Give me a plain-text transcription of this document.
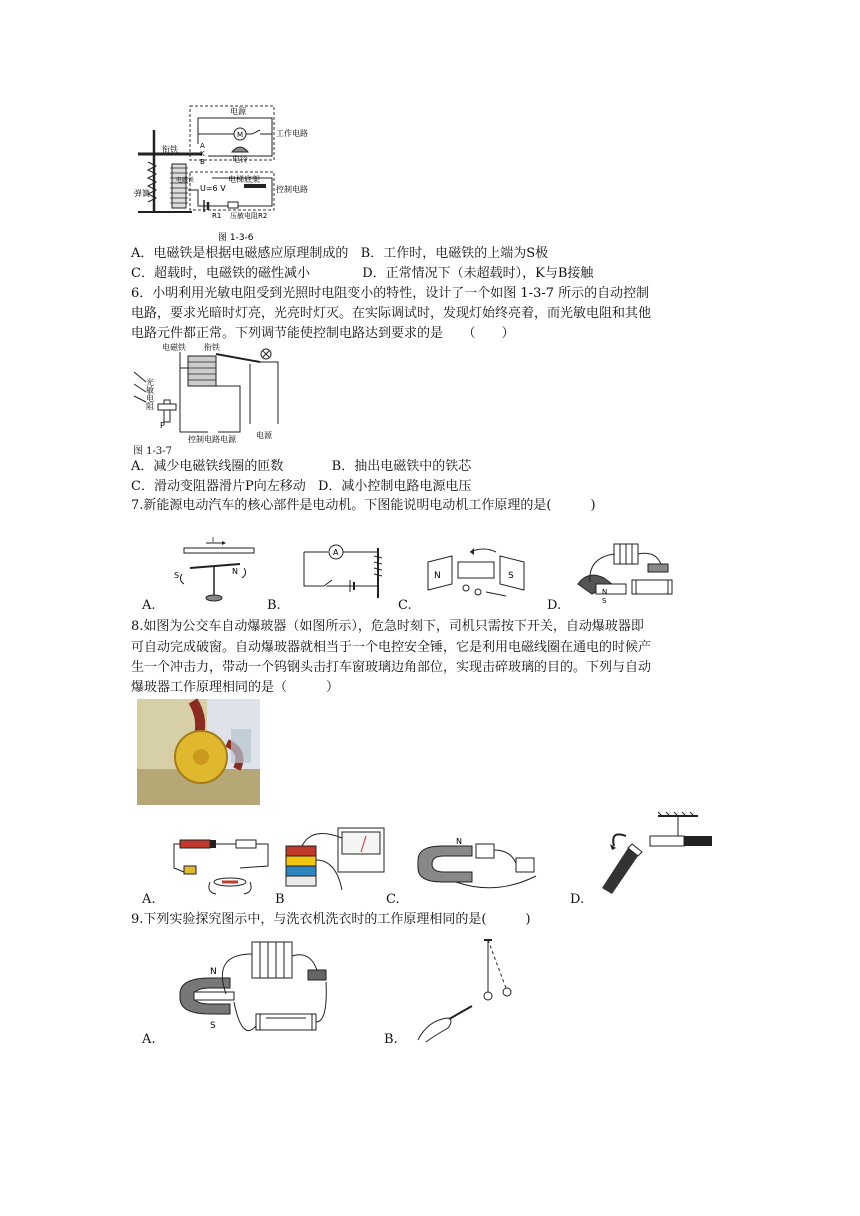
电源
M	工作电路
衔铁	A
K
B	电铃
弹簧
电磁铁
U=6 V
电梯底架
控制电路
R1 压敏电阻R2
图 1-3-6
A．电磁铁是根据电磁感应原理制成的 B．工作时，电磁铁的上端为S极
C．超载时，电磁铁的磁性减小	D．正常情况下（未超载时），K与B接触
6．小明利用光敏电阻受到光照时电阻变小的特性，设计了一个如图 1-3-7 所示的自动控制
电路，要求光暗时灯亮，光亮时灯灭。在实际调试时，发现灯始终亮着，而光敏电阻和其他
电路元件都正常。下列调节能使控制电路达到要求的是　　（　　）
电磁铁 衔铁
光敏电阻
P
控制电路电源	电源
图 1-3-7
A．减少电磁铁线圈的匝数	B．抽出电磁铁中的铁芯
C．滑动变阻器滑片P向左移动 D．减小控制电路电源电压
7.新能源电动汽车的核心部件是电动机。下图能说明电动机工作原理的是(　　　)
I
S	N
A.
A
B.
N	S
C.
N
S
D.
8.如图为公交车自动爆玻器（如图所示），危急时刻下，司机只需按下开关，自动爆玻器即
可自动完成破窗。自动爆玻器就相当于一个电控安全锤，它是利用电磁线圈在通电的时候产
生一个冲击力，带动一个钨钢头击打车窗玻璃边角部位，实现击碎玻璃的目的。下列与自动
爆玻器工作原理相同的是（　　　）
A.	B
N
C.	D.
9.下列实验探究图示中，与洗衣机洗衣时的工作原理相同的是(　　　)
N
S
A.	B.
